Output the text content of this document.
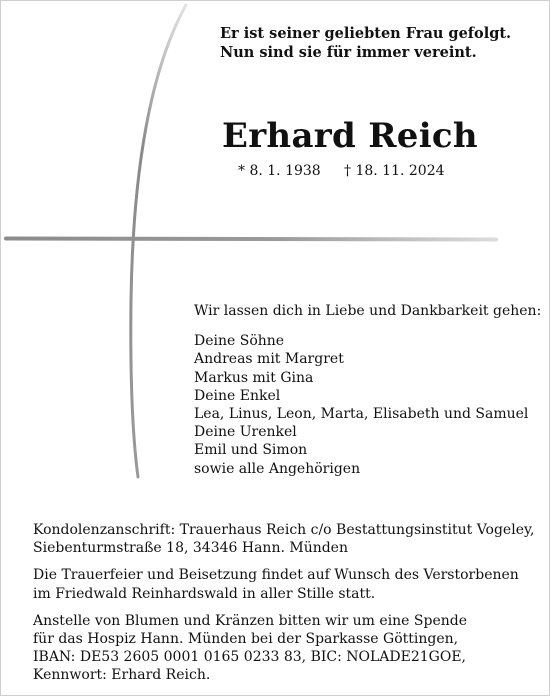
Er ist seiner geliebten Frau gefolgt.
Nun sind sie für immer vereint.
Erhard Reich
* 8. 1. 1938 † 18. 11. 2024
Wir lassen dich in Liebe und Dankbarkeit gehen:
Deine Söhne
Andreas mit Margret
Markus mit Gina
Deine Enkel
Lea, Linus, Leon, Marta, Elisabeth und Samuel
Deine Urenkel
Emil und Simon
sowie alle Angehörigen

Kondolenzanschrift: Trauerhaus Reich c/o Bestattungsinstitut Vogeley,
Siebenturmstraße 18, 34346 Hann. Münden

Die Trauerfeier und Beisetzung findet auf Wunsch des Verstorbenen
im Friedwald Reinhardswald in aller Stille statt.

Anstelle von Blumen und Kränzen bitten wir um eine Spende
für das Hospiz Hann. Münden bei der Sparkasse Göttingen,
IBAN: DE53 2605 0001 0165 0233 83, BIC: NOLADE21GOE,
Kennwort: Erhard Reich.
